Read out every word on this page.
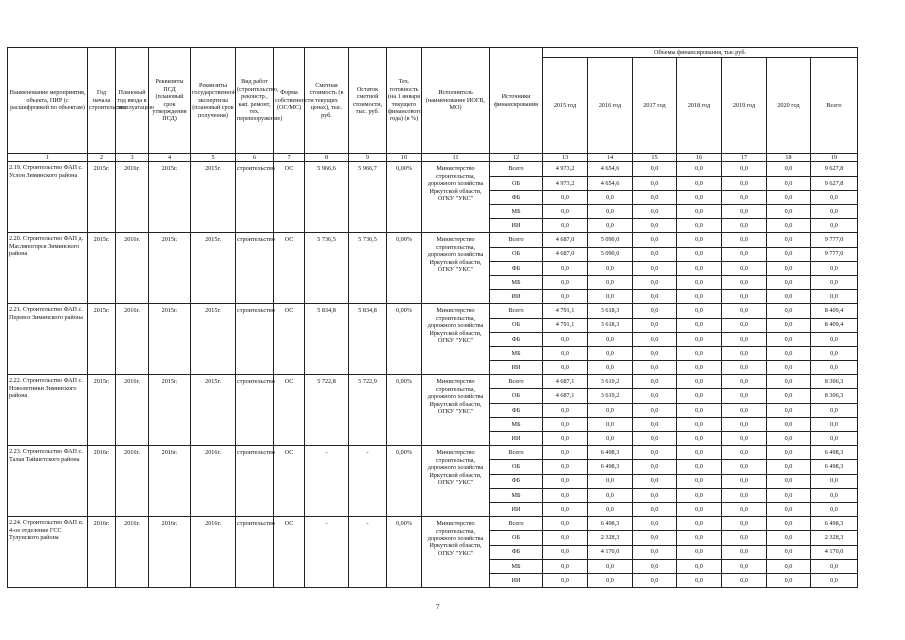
Наименование мероприятия, объекта, ПИР (с расшифровкой по объектам)	Год начала строительства	Плановый год ввода в эксплуатацию	Реквизиты ПСД (плановый срок утверждения ПСД)	Реквизиты государственной экспертизы (плановый срок получения)	Вид работ (строительство, реконстр., кап. ремонт, тех. перевооружение)	Форма собственности (ОС/МС)	Сметная стоимость (в текущих ценах), тыс. руб.	Остаток сметной стоимости, тыс. руб.	Тех. готовность (на 1 января текущего финансового года) (в %)	Исполнитель (наименование ИОГВ, МО)	Источники финансирования	Объемы финансирования, тыс.руб.						
												2015 год	2016 год	2017 год	2018 год	2019 год	2020 год	Всего
1	2	3	4	5	6	7	8	9	10	11	12	13	14	15	16	17	18	19
2.19. Строительство ФАП с. Услон Зиминского района	2015г.	2016г.	2015г.	2015г.	строительство	ОС	5 966,6	5 966,7	0,00%	Министерство строительства, дорожного хозяйства Иркутской области, ОГКУ "УКС"	Всего	4 973,2	4 654,6	0,0	0,0	0,0	0,0	9 627,8
											ОБ	4 973,2	4 654,6	0,0	0,0	0,0	0,0	9 627,8
											ФБ	0,0	0,0	0,0	0,0	0,0	0,0	0,0
											МБ	0,0	0,0	0,0	0,0	0,0	0,0	0,0
											ИИ	0,0	0,0	0,0	0,0	0,0	0,0	0,0
2.20. Строительство ФАП д. Масляногорск Зиминского района	2015г.	2016г.	2015г.	2015г.	строительство	ОС	5 736,5	5 736,5	0,00%	Министерство строительства, дорожного хозяйства Иркутской области, ОГКУ "УКС"	Всего	4 687,0	5 090,0	0,0	0,0	0,0	0,0	9 777,0
											ОБ	4 687,0	5 090,0	0,0	0,0	0,0	0,0	9 777,0
											ФБ	0,0	0,0	0,0	0,0	0,0	0,0	0,0
											МБ	0,0	0,0	0,0	0,0	0,0	0,0	0,0
											ИИ	0,0	0,0	0,0	0,0	0,0	0,0	0,0
2.21. Строительство ФАП с. Перевоз Зиминского района	2015г.	2016г.	2015г.	2015г.	строительство	ОС	5 834,8	5 834,8	0,00%	Министерство строительства, дорожного хозяйства Иркутской области, ОГКУ "УКС"	Всего	4 791,1	3 618,3	0,0	0,0	0,0	0,0	8 409,4
											ОБ	4 791,1	3 618,3	0,0	0,0	0,0	0,0	8 409,4
											ФБ	0,0	0,0	0,0	0,0	0,0	0,0	0,0
											МБ	0,0	0,0	0,0	0,0	0,0	0,0	0,0
											ИИ	0,0	0,0	0,0	0,0	0,0	0,0	0,0
2.22. Строительство ФАП с. Новолетники Зиминского района	2015г.	2016г.	2015г.	2015г.	строительство	ОС	5 722,8	5 722,9	0,00%	Министерство строительства, дорожного хозяйства Иркутской области, ОГКУ "УКС"	Всего	4 687,1	3 619,2	0,0	0,0	0,0	0,0	8 306,3
											ОБ	4 687,1	3 619,2	0,0	0,0	0,0	0,0	8 306,3
											ФБ	0,0	0,0	0,0	0,0	0,0	0,0	0,0
											МБ	0,0	0,0	0,0	0,0	0,0	0,0	0,0
											ИИ	0,0	0,0	0,0	0,0	0,0	0,0	0,0
2.23. Строительство ФАП с. Талая Тайшетского района	2016г.	2016г.	2016г.	2016г.	строительство	ОС	-	-	0,00%	Министерство строительства, дорожного хозяйства Иркутской области, ОГКУ "УКС"	Всего	0,0	6 498,3	0,0	0,0	0,0	0,0	6 498,3
											ОБ	0,0	6 498,3	0,0	0,0	0,0	0,0	6 498,3
											ФБ	0,0	0,0	0,0	0,0	0,0	0,0	0,0
											МБ	0,0	0,0	0,0	0,0	0,0	0,0	0,0
											ИИ	0,0	0,0	0,0	0,0	0,0	0,0	0,0
2.24. Строительство ФАП п. 4-ое отделение ГСС Тулунского района	2016г.	2016г.	2016г.	2016г.	строительство	ОС	-	-	0,00%	Министерство строительства, дорожного хозяйства Иркутской области, ОГКУ "УКС"	Всего	0,0	6 498,3	0,0	0,0	0,0	0,0	6 498,3
											ОБ	0,0	2 328,3	0,0	0,0	0,0	0,0	2 328,3
											ФБ	0,0	4 170,0	0,0	0,0	0,0	0,0	4 170,0
											МБ	0,0	0,0	0,0	0,0	0,0	0,0	0,0
											ИИ	0,0	0,0	0,0	0,0	0,0	0,0	0,0
7
